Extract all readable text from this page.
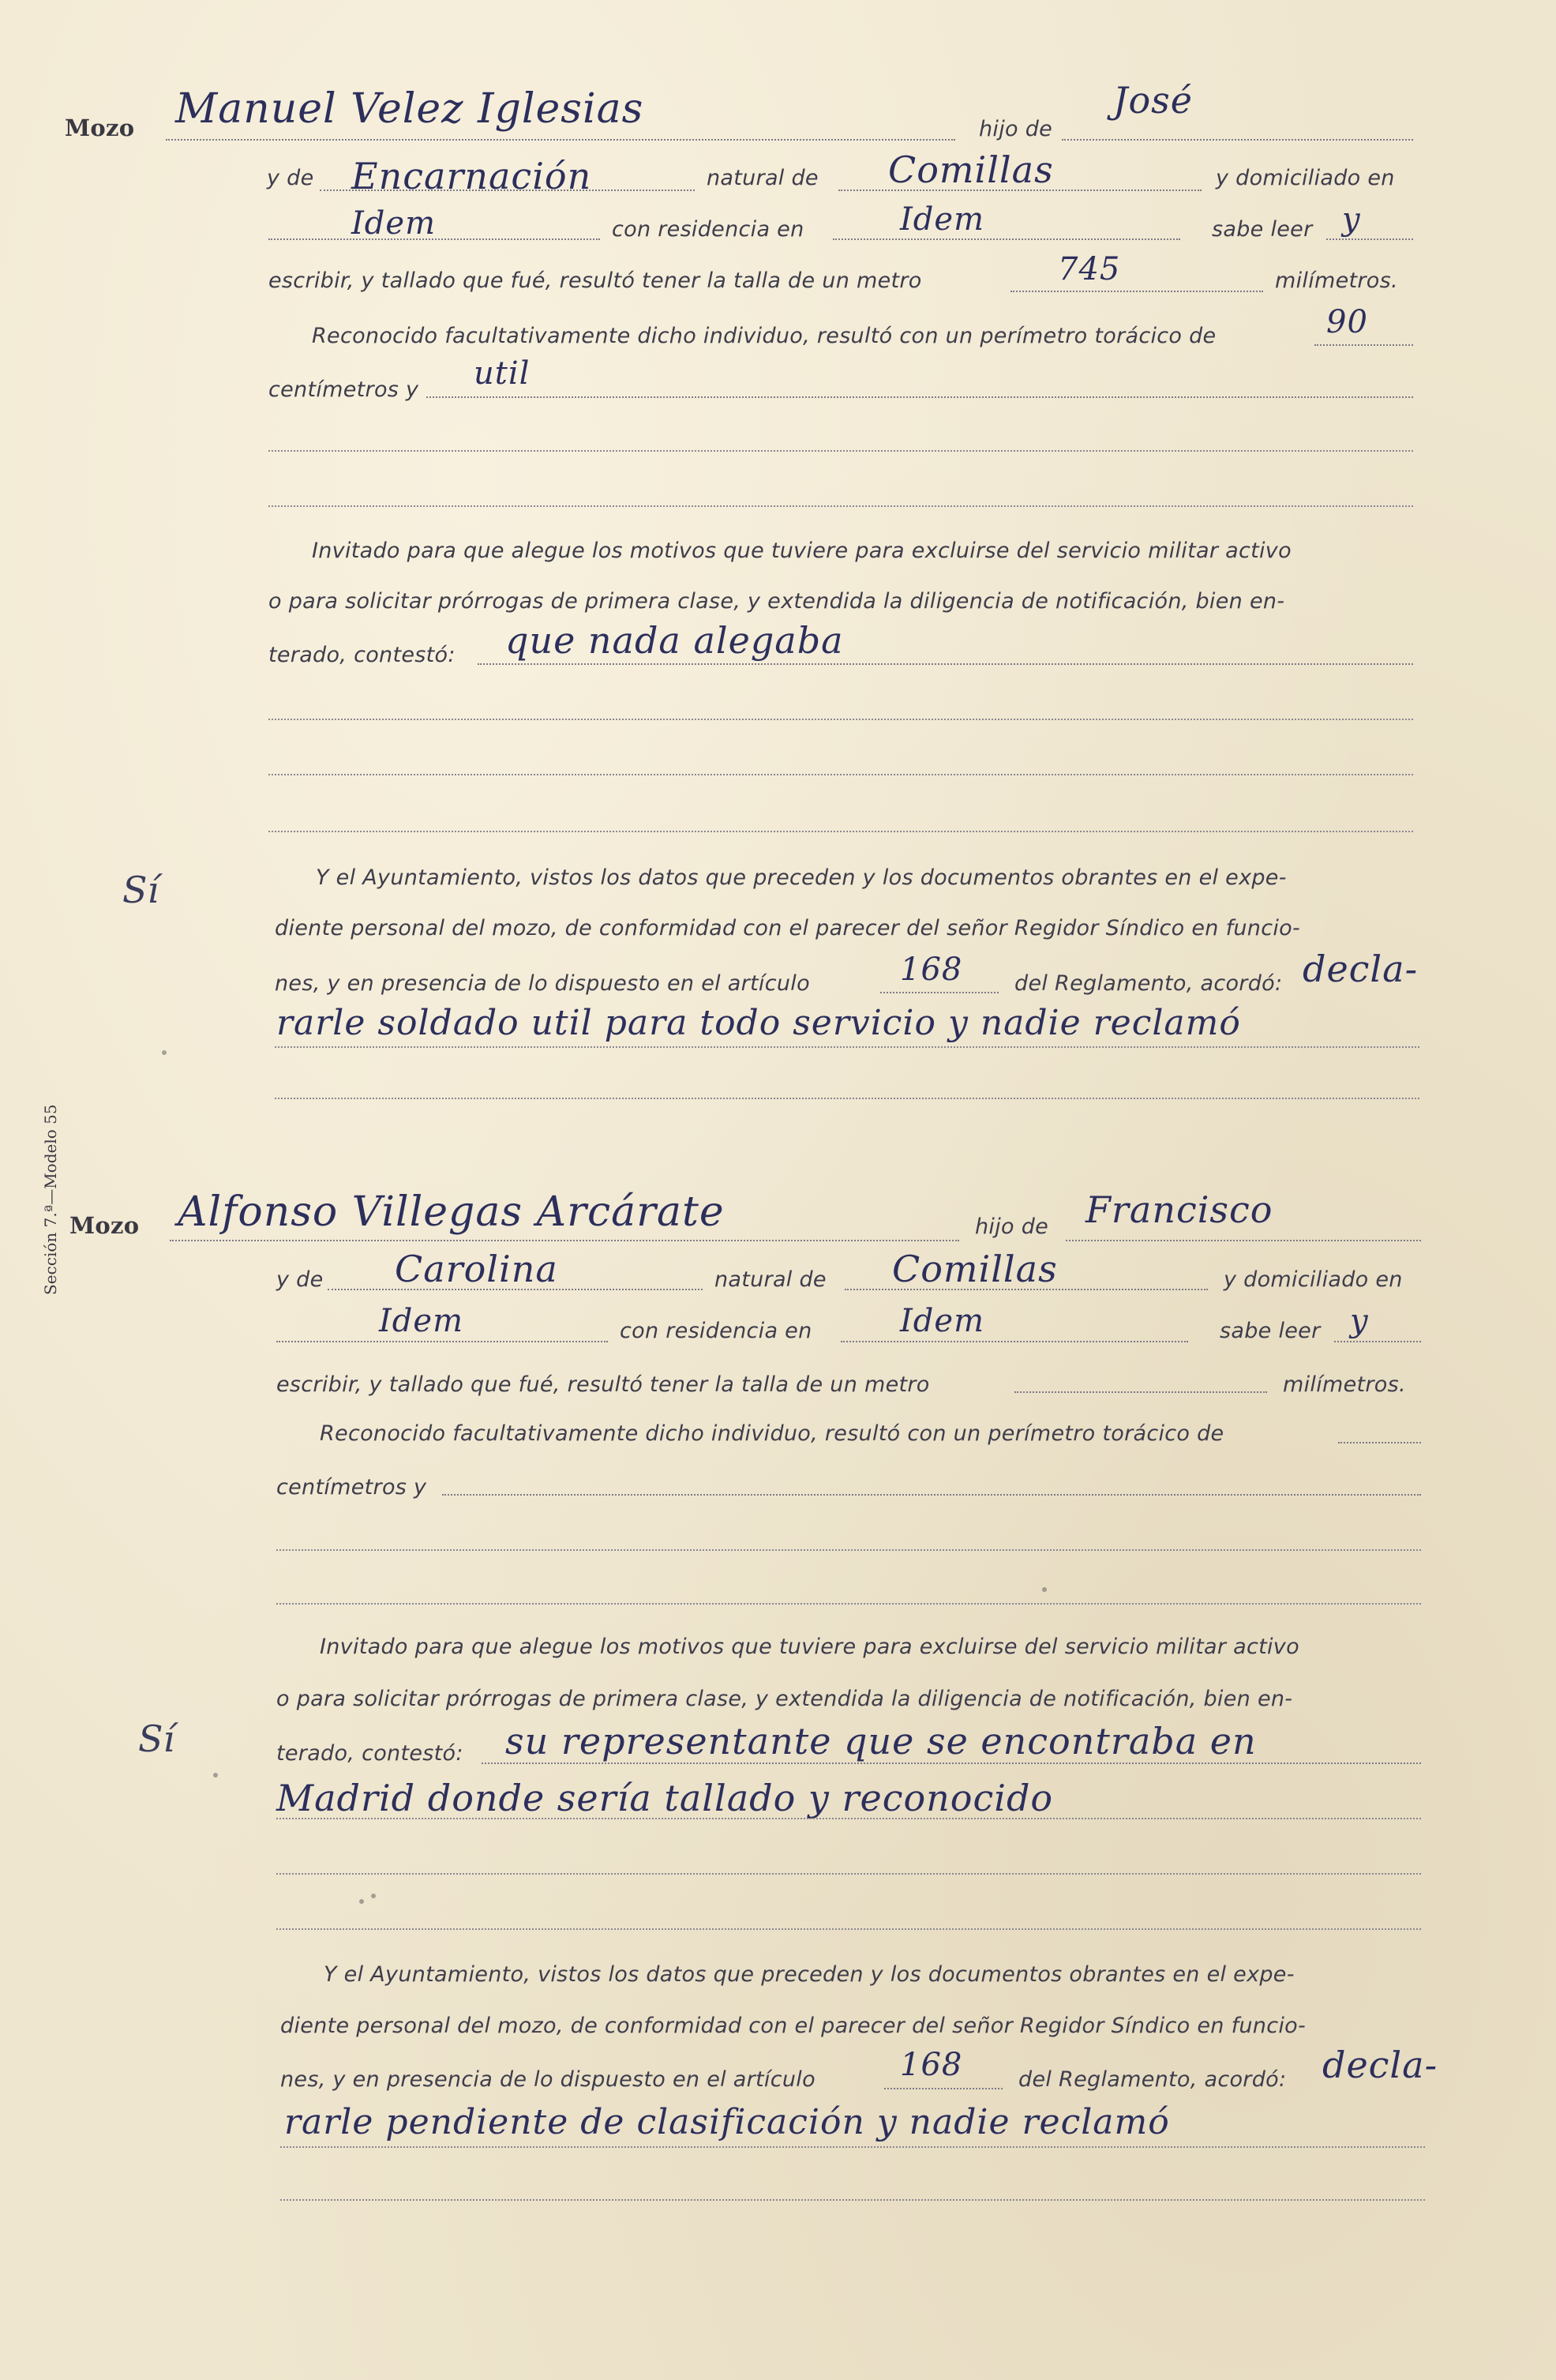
Sección 7.ª—Modelo 55
Mozo Manuel Velez Iglesias	hijo de
José
y de Encarnación	natural de Comillas	y domiciliado en
Idem	con residencia en	Idem	sabe leer y
escribir, y tallado que fué, resultó tener la talla de un metro	745	milímetros.
Reconocido facultativamente dicho individuo, resultó con un perímetro torácico de	90
centímetros y util
Invitado para que alegue los motivos que tuviere para excluirse del servicio militar activo
o para solicitar prórrogas de primera clase, y extendida la diligencia de notificación, bien en-
terado, contestó: que nada alegaba
Sí	Y el Ayuntamiento, vistos los datos que preceden y los documentos obrantes en el expe-
diente personal del mozo, de conformidad con el parecer del señor Regidor Síndico en funcio-
nes, y en presencia de lo dispuesto en el artículo	168 del Reglamento, acordó: decla-
rarle soldado util para todo servicio y nadie reclamó
Mozo Alfonso Villegas Arcárate	hijo de Francisco
y de Carolina	natural de Comillas	y domiciliado en
Idem	con residencia en	Idem	sabe leer y
escribir, y tallado que fué, resultó tener la talla de un metro	milímetros.
Reconocido facultativamente dicho individuo, resultó con un perímetro torácico de
centímetros y
Invitado para que alegue los motivos que tuviere para excluirse del servicio militar activo
o para solicitar prórrogas de primera clase, y extendida la diligencia de notificación, bien en-
Sí	terado, contestó: su representante que se encontraba en
Madrid donde sería tallado y reconocido
Y el Ayuntamiento, vistos los datos que preceden y los documentos obrantes en el expe-
diente personal del mozo, de conformidad con el parecer del señor Regidor Síndico en funcio-
nes, y en presencia de lo dispuesto en el artículo	168	del Reglamento, acordó: decla-
rarle pendiente de clasificación y nadie reclamó
